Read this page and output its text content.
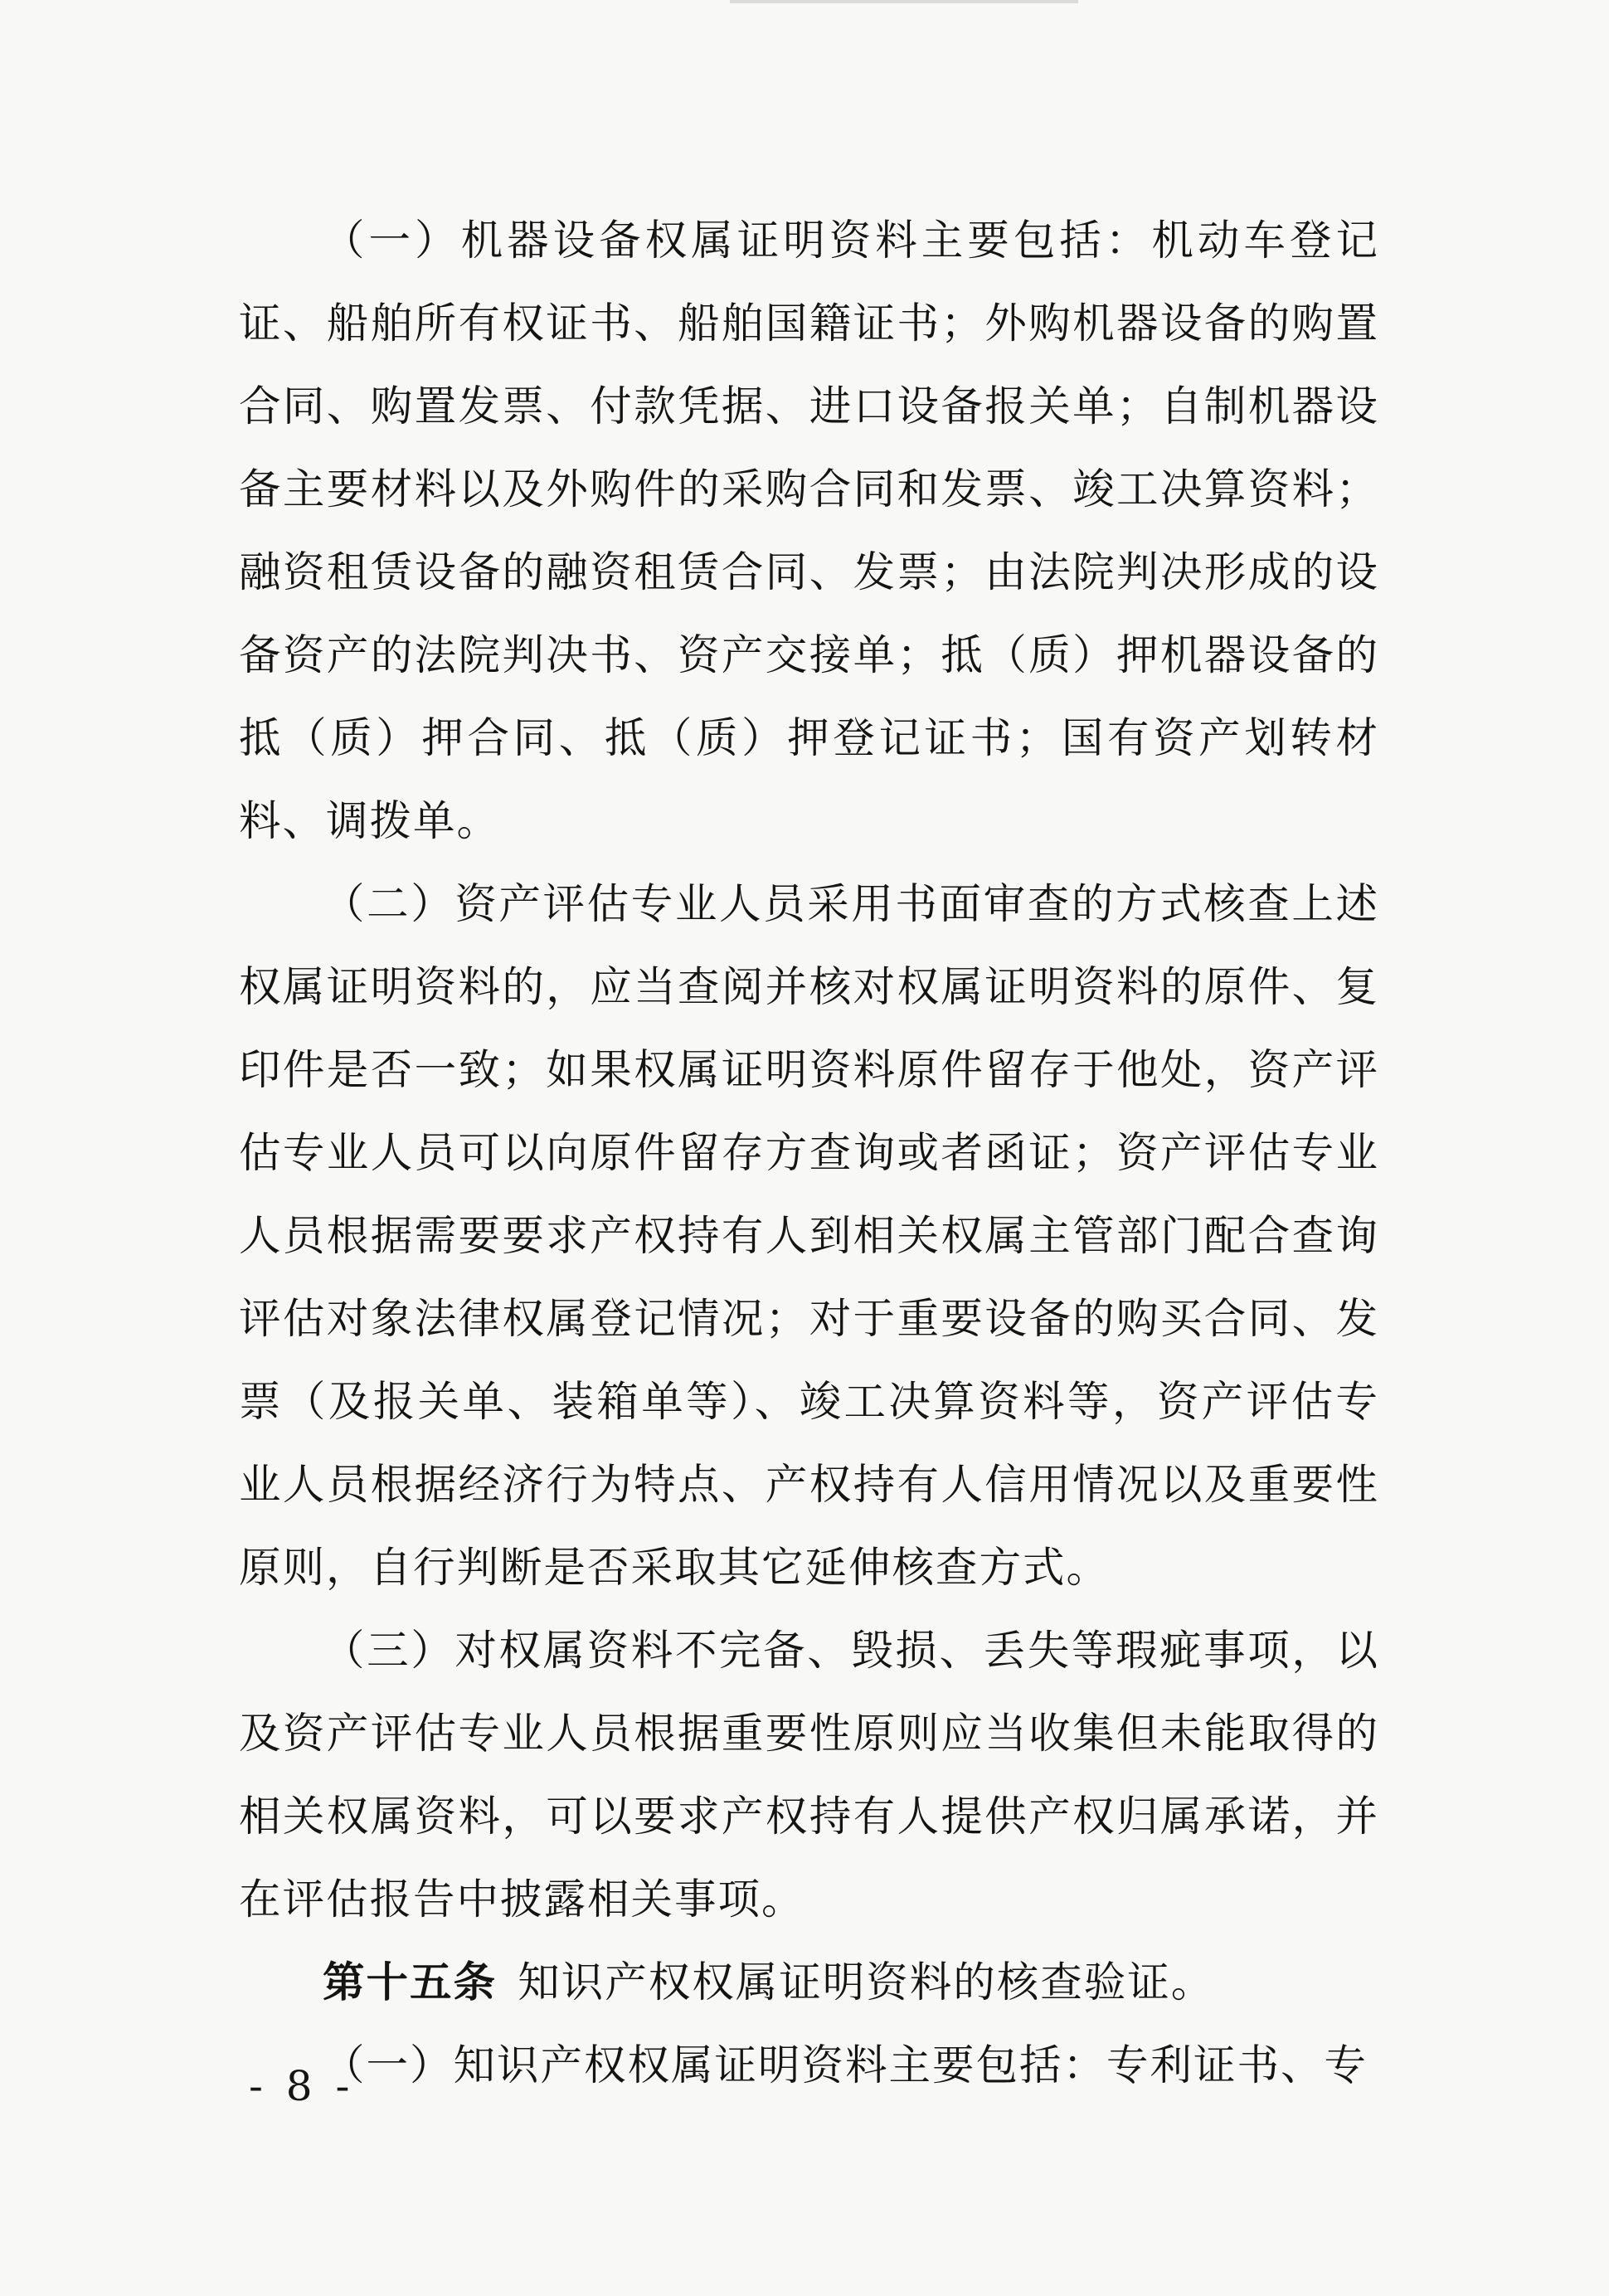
（一）机器设备权属证明资料主要包括：机动车登记证、船舶所有权证书、船舶国籍证书；外购机器设备的购置合同、购置发票、付款凭据、进口设备报关单；自制机器设备主要材料以及外购件的采购合同和发票、竣工决算资料；融资租赁设备的融资租赁合同、发票；由法院判决形成的设备资产的法院判决书、资产交接单；抵（质）押机器设备的抵（质）押合同、抵（质）押登记证书；国有资产划转材料、调拨单。

（二）资产评估专业人员采用书面审查的方式核查上述权属证明资料的，应当查阅并核对权属证明资料的原件、复印件是否一致；如果权属证明资料原件留存于他处，资产评估专业人员可以向原件留存方查询或者函证；资产评估专业人员根据需要要求产权持有人到相关权属主管部门配合查询评估对象法律权属登记情况；对于重要设备的购买合同、发票（及报关单、装箱单等）、竣工决算资料等，资产评估专业人员根据经济行为特点、产权持有人信用情况以及重要性原则，自行判断是否采取其它延伸核查方式。

（三）对权属资料不完备、毁损、丢失等瑕疵事项，以及资产评估专业人员根据重要性原则应当收集但未能取得的相关权属资料，可以要求产权持有人提供产权归属承诺，并在评估报告中披露相关事项。

第十五条 知识产权权属证明资料的核查验证。

（一）知识产权权属证明资料主要包括：专利证书、专

- 8 -
